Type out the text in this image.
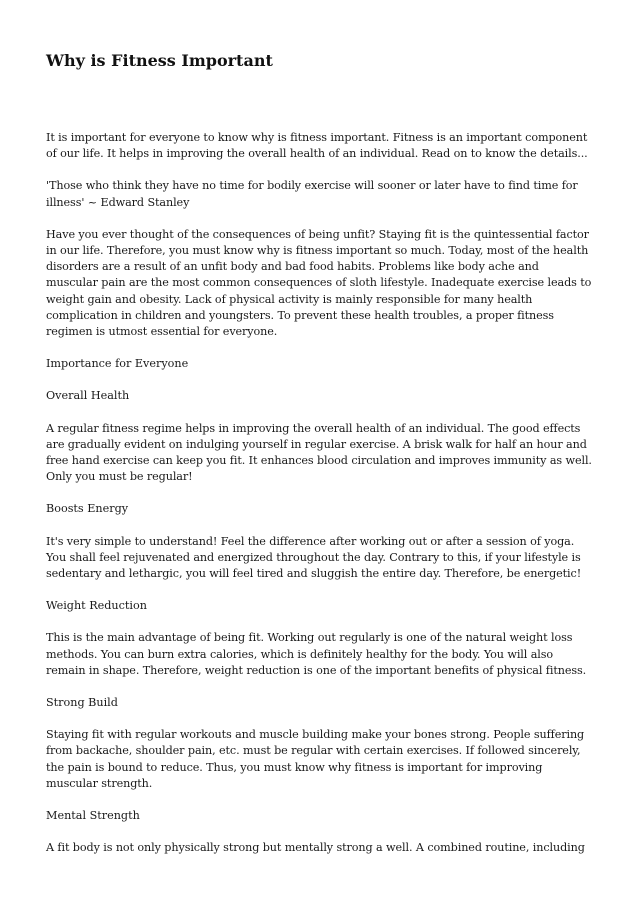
Why is Fitness Important

It is important for everyone to know why is fitness important. Fitness is an important component of our life. It helps in improving the overall health of an individual. Read on to know the details...

'Those who think they have no time for bodily exercise will sooner or later have to find time for illness' ~ Edward Stanley

Have you ever thought of the consequences of being unfit? Staying fit is the quintessential factor in our life. Therefore, you must know why is fitness important so much. Today, most of the health disorders are a result of an unfit body and bad food habits. Problems like body ache and muscular pain are the most common consequences of sloth lifestyle. Inadequate exercise leads to weight gain and obesity. Lack of physical activity is mainly responsible for many health complication in children and youngsters. To prevent these health troubles, a proper fitness regimen is utmost essential for everyone.

Importance for Everyone

Overall Health

A regular fitness regime helps in improving the overall health of an individual. The good effects are gradually evident on indulging yourself in regular exercise. A brisk walk for half an hour and free hand exercise can keep you fit. It enhances blood circulation and improves immunity as well. Only you must be regular!

Boosts Energy

It's very simple to understand! Feel the difference after working out or after a session of yoga. You shall feel rejuvenated and energized throughout the day. Contrary to this, if your lifestyle is sedentary and lethargic, you will feel tired and sluggish the entire day. Therefore, be energetic!

Weight Reduction

This is the main advantage of being fit. Working out regularly is one of the natural weight loss methods. You can burn extra calories, which is definitely healthy for the body. You will also remain in shape. Therefore, weight reduction is one of the important benefits of physical fitness.

Strong Build

Staying fit with regular workouts and muscle building make your bones strong. People suffering from backache, shoulder pain, etc. must be regular with certain exercises. If followed sincerely, the pain is bound to reduce. Thus, you must know why fitness is important for improving muscular strength.

Mental Strength

A fit body is not only physically strong but mentally strong a well. A combined routine, including
